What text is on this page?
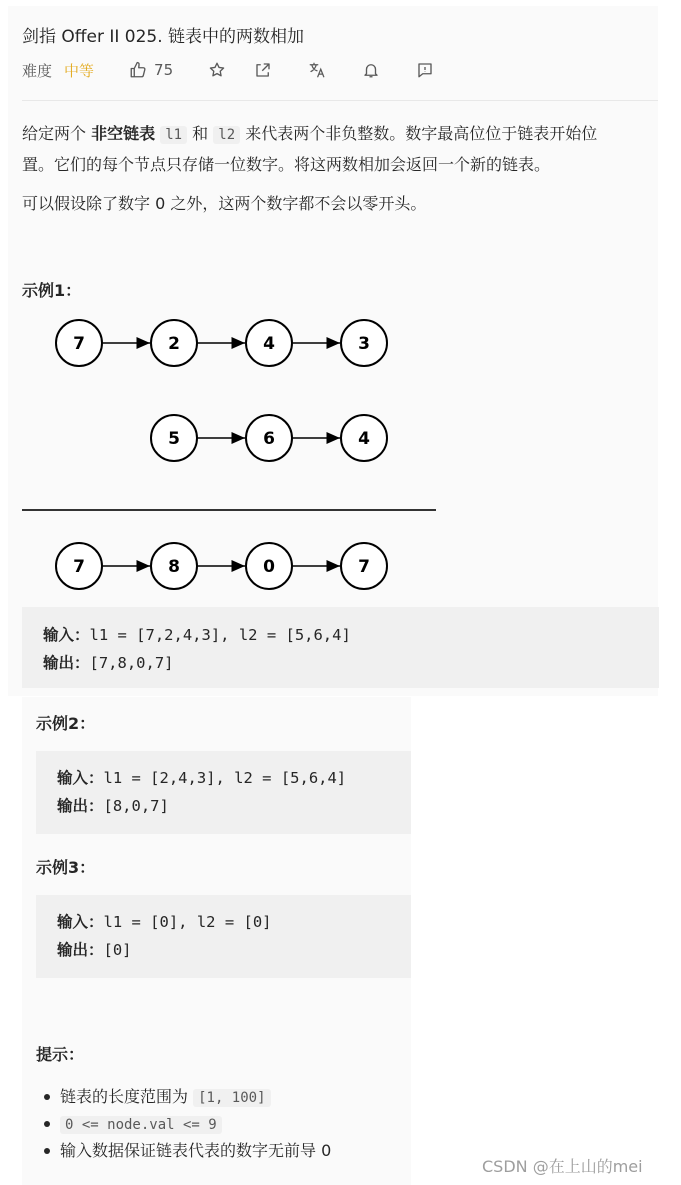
剑指 Offer II 025. 链表中的两数相加
难度 中等	75
给定两个 非空链表 l1 和 l2 来代表两个非负整数。数字最高位位于链表开始位
置。它们的每个节点只存储一位数字。将这两数相加会返回一个新的链表。
可以假设除了数字 0 之外，这两个数字都不会以零开头。
示例1：
7	2	4	3
5	6	4
7	8	0	7
输入：l1 = [7,2,4,3], l2 = [5,6,4]
输出：[7,8,0,7]
示例2：
输入：l1 = [2,4,3], l2 = [5,6,4]
输出：[8,0,7]
示例3：
输入：l1 = [0], l2 = [0]
输出：[0]
提示：
链表的长度范围为 [1, 100]
0 <= node.val <= 9
输入数据保证链表代表的数字无前导 0
CSDN @在上山的mei
